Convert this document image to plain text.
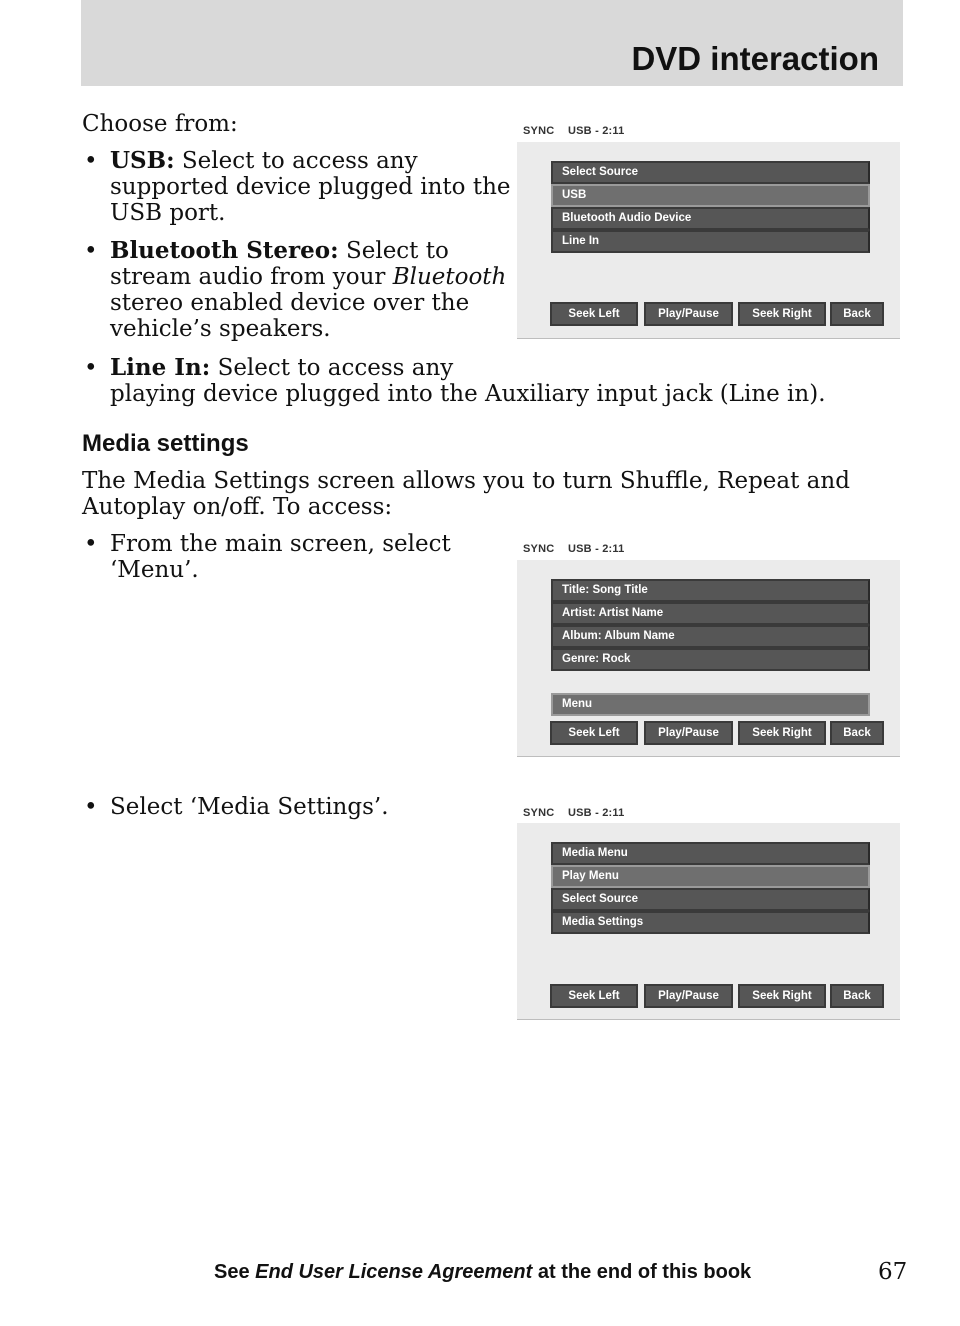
DVD interaction
Choose from:
• USB: Select to access any
supported device plugged into the
USB port.
• Bluetooth Stereo: Select to
stream audio from your Bluetooth
stereo enabled device over the
vehicle’s speakers.
• Line In: Select to access any
playing device plugged into the Auxiliary input jack (Line in).
Media settings
The Media Settings screen allows you to turn Shuffle, Repeat and
Autoplay on/off. To access:
• From the main screen, select
‘Menu’.
• Select ‘Media Settings’.
SYNC USB - 2:11
Select Source
USB
Bluetooth Audio Device
Line In
Seek Left	Play/Pause	Seek Right	Back
SYNC USB - 2:11
Title: Song Title
Artist: Artist Name
Album: Album Name
Genre: Rock
Menu
Seek Left	Play/Pause	Seek Right	Back
SYNC USB - 2:11
Media Menu
Play Menu
Select Source
Media Settings
Seek Left	Play/Pause	Seek Right	Back
See End User License Agreement at the end of this book	67
